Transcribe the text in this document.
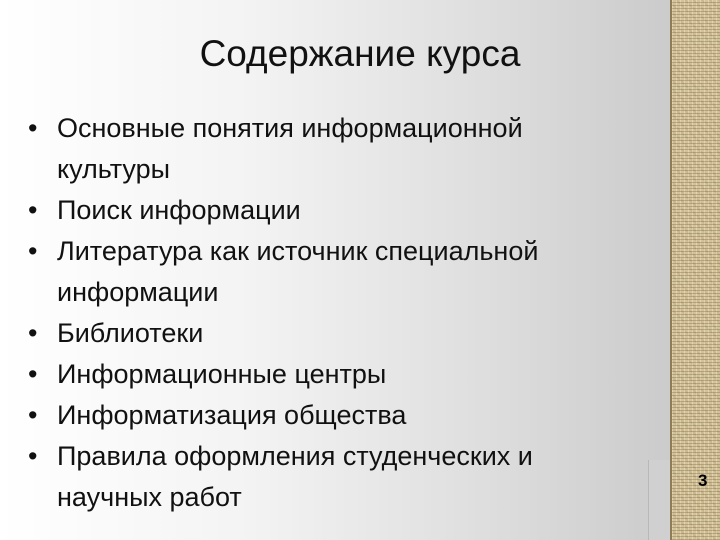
Содержание курса
• Основные понятия информационной
культуры
• Поиск информации
• Литература как источник специальной
информации
• Библиотеки
• Информационные центры
• Информатизация общества
• Правила оформления студенческих и
научных работ
3
